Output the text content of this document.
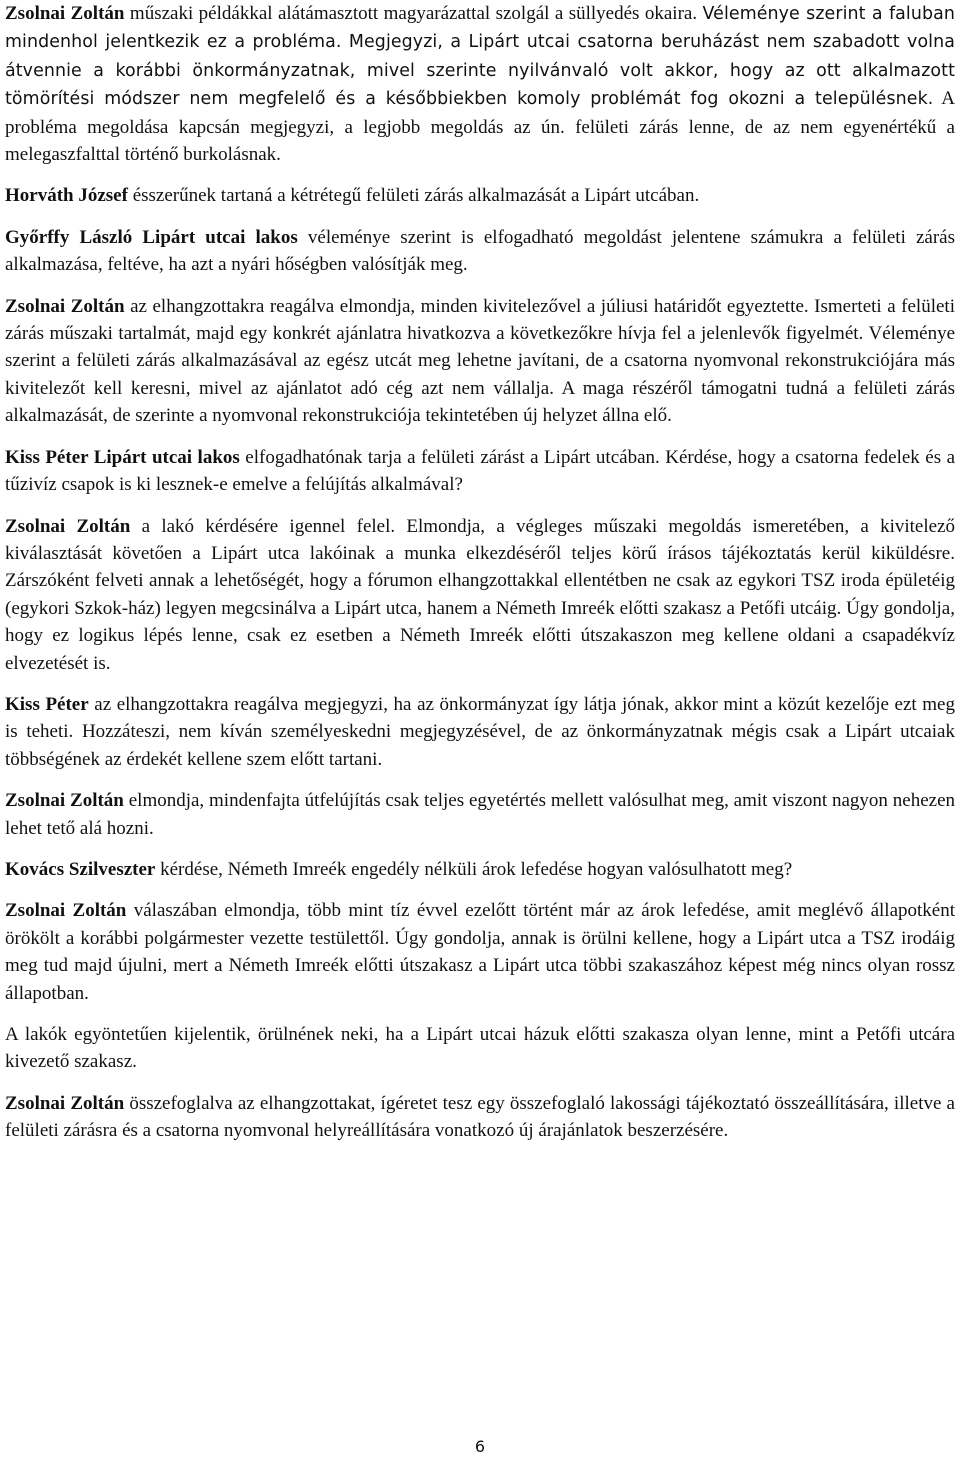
Zsolnai Zoltán műszaki példákkal alátámasztott magyarázattal szolgál a süllyedés okaira. Véleménye szerint a faluban mindenhol jelentkezik ez a probléma. Megjegyzi, a Lipárt utcai csatorna beruházást nem szabadott volna átvennie a korábbi önkormányzatnak, mivel szerinte nyilvánvaló volt akkor, hogy az ott alkalmazott tömörítési módszer nem megfelelő és a későbbiekben komoly problémát fog okozni a településnek. A probléma megoldása kapcsán megjegyzi, a legjobb megoldás az ún. felületi zárás lenne, de az nem egyenértékű a melegaszfalttal történő burkolásnak.

Horváth József ésszerűnek tartaná a kétrétegű felületi zárás alkalmazását a Lipárt utcában.

Győrffy László Lipárt utcai lakos véleménye szerint is elfogadható megoldást jelentene számukra a felületi zárás alkalmazása, feltéve, ha azt a nyári hőségben valósítják meg.

Zsolnai Zoltán az elhangzottakra reagálva elmondja, minden kivitelezővel a júliusi határidőt egyeztette. Ismerteti a felületi zárás műszaki tartalmát, majd egy konkrét ajánlatra hivatkozva a következőkre hívja fel a jelenlevők figyelmét. Véleménye szerint a felületi zárás alkalmazásával az egész utcát meg lehetne javítani, de a csatorna nyomvonal rekonstrukciójára más kivitelezőt kell keresni, mivel az ajánlatot adó cég azt nem vállalja. A maga részéről támogatni tudná a felületi zárás alkalmazását, de szerinte a nyomvonal rekonstrukciója tekintetében új helyzet állna elő.

Kiss Péter Lipárt utcai lakos elfogadhatónak tarja a felületi zárást a Lipárt utcában. Kérdése, hogy a csatorna fedelek és a tűzivíz csapok is ki lesznek-e emelve a felújítás alkalmával?

Zsolnai Zoltán a lakó kérdésére igennel felel. Elmondja, a végleges műszaki megoldás ismeretében, a kivitelező kiválasztását követően a Lipárt utca lakóinak a munka elkezdéséről teljes körű írásos tájékoztatás kerül kiküldésre. Zárszóként felveti annak a lehetőségét, hogy a fórumon elhangzottakkal ellentétben ne csak az egykori TSZ iroda épületéig (egykori Szkok-ház) legyen megcsinálva a Lipárt utca, hanem a Németh Imreék előtti szakasz a Petőfi utcáig. Úgy gondolja, hogy ez logikus lépés lenne, csak ez esetben a Németh Imreék előtti útszakaszon meg kellene oldani a csapadékvíz elvezetését is.

Kiss Péter az elhangzottakra reagálva megjegyzi, ha az önkormányzat így látja jónak, akkor mint a közút kezelője ezt meg is teheti. Hozzáteszi, nem kíván személyeskedni megjegyzésével, de az önkormányzatnak mégis csak a Lipárt utcaiak többségének az érdekét kellene szem előtt tartani.

Zsolnai Zoltán elmondja, mindenfajta útfelújítás csak teljes egyetértés mellett valósulhat meg, amit viszont nagyon nehezen lehet tető alá hozni.

Kovács Szilveszter kérdése, Németh Imreék engedély nélküli árok lefedése hogyan valósulhatott meg?

Zsolnai Zoltán válaszában elmondja, több mint tíz évvel ezelőtt történt már az árok lefedése, amit meglévő állapotként örökölt a korábbi polgármester vezette testülettől. Úgy gondolja, annak is örülni kellene, hogy a Lipárt utca a TSZ irodáig meg tud majd újulni, mert a Németh Imreék előtti útszakasz a Lipárt utca többi szakaszához képest még nincs olyan rossz állapotban.

A lakók egyöntetűen kijelentik, örülnének neki, ha a Lipárt utcai házuk előtti szakasza olyan lenne, mint a Petőfi utcára kivezető szakasz.

Zsolnai Zoltán összefoglalva az elhangzottakat, ígéretet tesz egy összefoglaló lakossági tájékoztató összeállítására, illetve a felületi zárásra és a csatorna nyomvonal helyreállítására vonatkozó új árajánlatok beszerzésére.

6
